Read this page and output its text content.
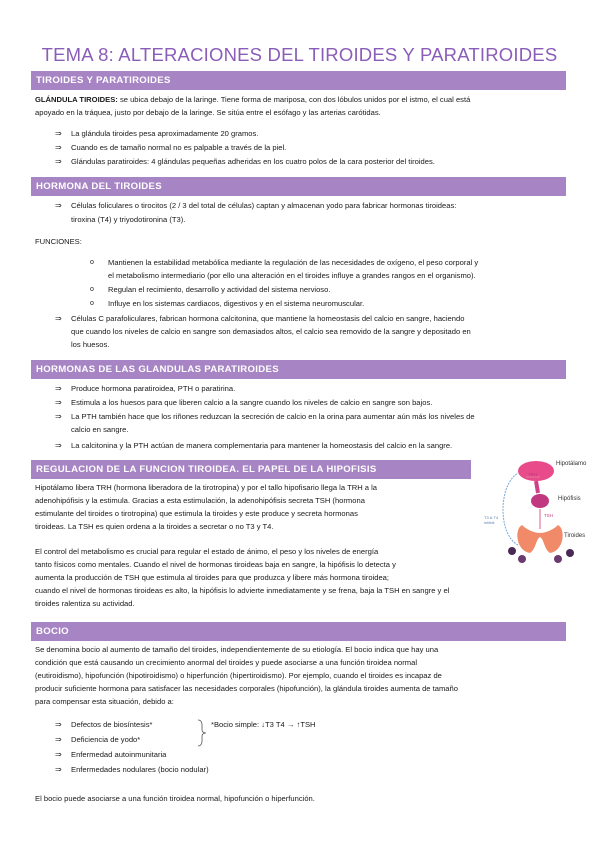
TEMA 8: ALTERACIONES DEL TIROIDES Y PARATIROIDES
TIROIDES Y PARATIROIDES
GLÁNDULA TIROIDES: se ubica debajo de la laringe. Tiene forma de mariposa, con dos lóbulos unidos por el istmo, el cual está
apoyado en la tráquea, justo por debajo de la laringe. Se sitúa entre el esófago y las arterias carótidas.
⇒ La glándula tiroides pesa aproximadamente 20 gramos.
⇒ Cuando es de tamaño normal no es palpable a través de la piel.
⇒ Glándulas paratiroides: 4 glándulas pequeñas adheridas en los cuatro polos de la cara posterior del tiroides.
HORMONA DEL TIROIDES
⇒ Células foliculares o tirocitos (2 / 3 del total de células) captan y almacenan yodo para fabricar hormonas tiroideas:
tiroxina (T4) y triyodotironina (T3).
FUNCIONES:
o Mantienen la estabilidad metabólica mediante la regulación de las necesidades de oxígeno, el peso corporal y
el metabolismo intermediario (por ello una alteración en el tiroides influye a grandes rangos en el organismo).
o Regulan el recimiento, desarrollo y actividad del sistema nervioso.
o Influye en los sistemas cardiacos, digestivos y en el sistema neuromuscular.
⇒ Células C parafoliculares, fabrican hormona calcitonina, que mantiene la homeostasis del calcio en sangre, haciendo
que cuando los niveles de calcio en sangre son demasiados altos, el calcio sea removido de la sangre y depositado en
los huesos.
HORMONAS DE LAS GLANDULAS PARATIROIDES
⇒ Produce hormona paratiroidea, PTH o paratirina.
⇒ Estimula a los huesos para que liberen calcio a la sangre cuando los niveles de calcio en sangre son bajos.
⇒ La PTH también hace que los riñones reduzcan la secreción de calcio en la orina para aumentar aún más los niveles de
calcio en sangre.
⇒ La calcitonina y la PTH actúan de manera complementaria para mantener la homeostasis del calcio en la sangre.
REGULACION DE LA FUNCION TIROIDEA. EL PAPEL DE LA HIPOFISIS
Hipotálamo libera TRH (hormona liberadora de la tirotropina) y por el tallo hipofisario llega la TRH a la
adenohipófisis y la estimula. Gracias a esta estimulación, la adenohipófisis secreta TSH (hormona
estimulante del tiroides o tirotropina) que estimula la tiroides y este produce y secreta hormonas
tiroideas. La TSH es quien ordena a la tiroides a secretar o no T3 y T4.
El control del metabolismo es crucial para regular el estado de ánimo, el peso y los niveles de energía
tanto físicos como mentales. Cuando el nivel de hormonas tiroideas baja en sangre, la hipófisis lo detecta y
aumenta la producción de TSH que estimula al tiroides para que produzca y libere más hormona tiroidea;
cuando el nivel de hormonas tiroideas es alto, la hipófisis lo advierte inmediatamente y se frena, baja la TSH en sangre y el
tiroides ralentiza su actividad.
Hipotálamo
TRH
Hipófisis
TSH
Tiroides
T3 & T4
inhibit
BOCIO
Se denomina bocio al aumento de tamaño del tiroides, independientemente de su etiología. El bocio indica que hay una
condición que está causando un crecimiento anormal del tiroides y puede asociarse a una función tiroidea normal
(eutiroidismo), hipofunción (hipotiroidismo) o hiperfunción (hipertiroidismo). Por ejemplo, cuando el tiroides es incapaz de
producir suficiente hormona para satisfacer las necesidades corporales (hipofunción), la glándula tiroides aumenta de tamaño
para compensar esta situación, debido a:
⇒ Defectos de biosíntesis*
⇒ Deficiencia de yodo*
⇒ Enfermedad autoinmunitaria
⇒ Enfermedades nodulares (bocio nodular)
*Bocio simple: ↓T3 T4 → ↑TSH
El bocio puede asociarse a una función tiroidea normal, hipofunción o hiperfunción.
